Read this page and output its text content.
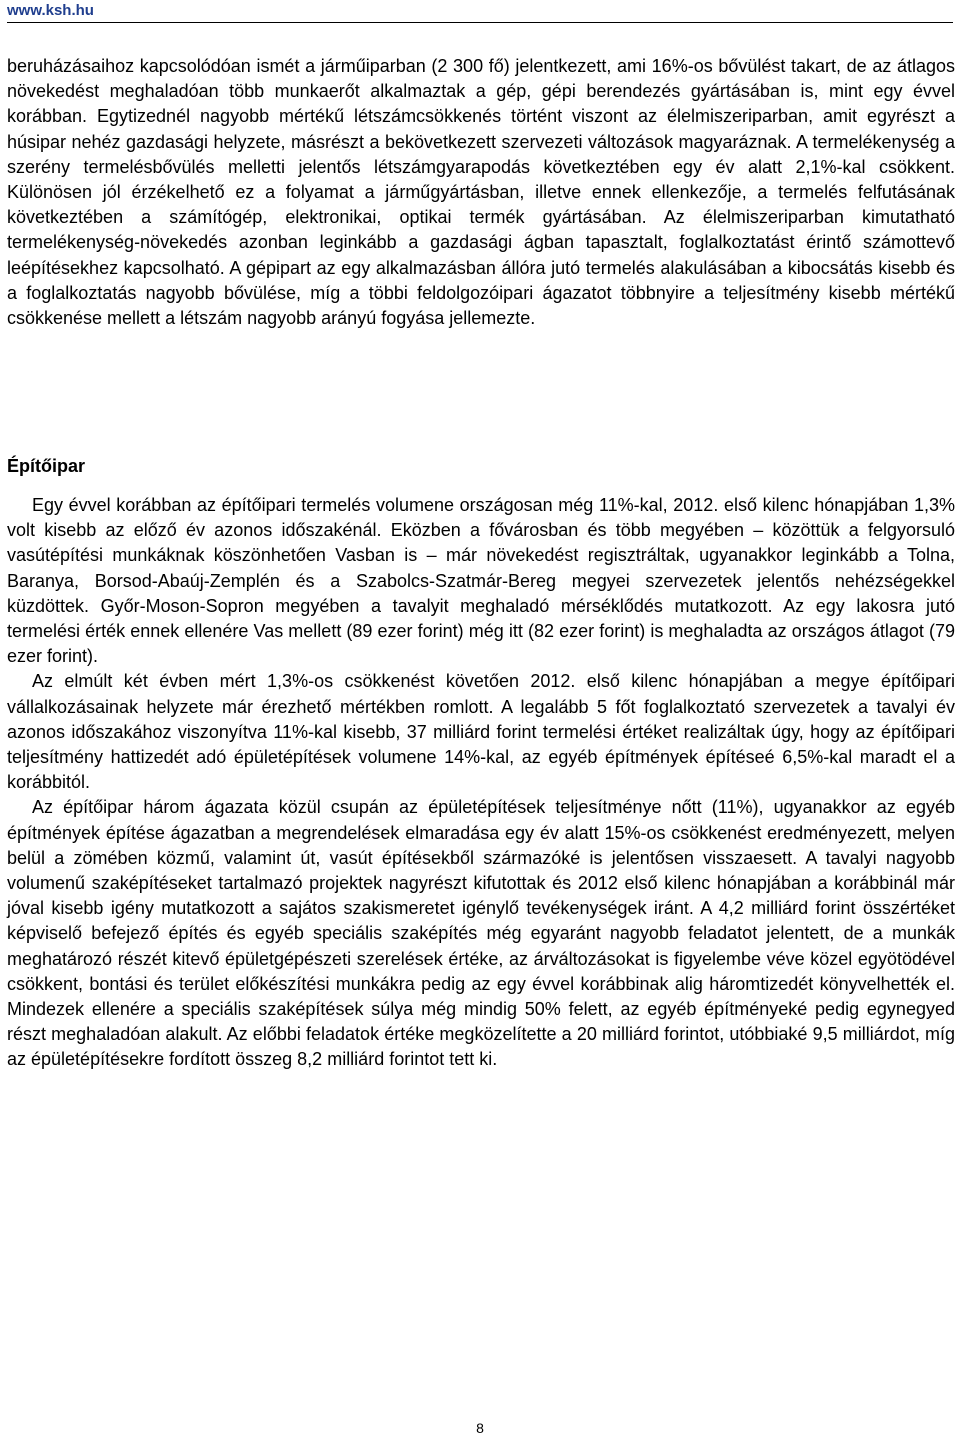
www.ksh.hu

beruházásaihoz kapcsolódóan ismét a járműiparban (2 300 fő) jelentkezett, ami 16%-os bővülést takart, de az átlagos növekedést meghaladóan több munkaerőt alkalmaztak a gép, gépi berendezés gyártásában is, mint egy évvel korábban. Egytizednél nagyobb mértékű létszámcsökkenés történt viszont az élelmiszeriparban, amit egyrészt a húsipar nehéz gazdasági helyzete, másrészt a bekövetkezett szervezeti változások magyaráznak. A termelékenység a szerény termelésbővülés melletti jelentős létszámgyarapodás következtében egy év alatt 2,1%-kal csökkent. Különösen jól érzékelhető ez a folyamat a járműgyártásban, illetve ennek ellenkezője, a termelés felfutásának következtében a számítógép, elektronikai, optikai termék gyártásában. Az élelmiszeriparban kimutatható termelékenység-növekedés azonban leginkább a gazdasági ágban tapasztalt, foglalkoztatást érintő számottevő leépítésekhez kapcsolható. A gépipart az egy alkalmazásban állóra jutó termelés alakulásában a kibocsátás kisebb és a foglalkoztatás nagyobb bővülése, míg a többi feldolgozóipari ágazatot többnyire a teljesítmény kisebb mértékű csökkenése mellett a létszám nagyobb arányú fogyása jellemezte.

Építőipar

Egy évvel korábban az építőipari termelés volumene országosan még 11%-kal, 2012. első kilenc hónapjában 1,3% volt kisebb az előző év azonos időszakénál. Eközben a fővárosban és több megyében – közöttük a felgyorsuló vasútépítési munkáknak köszönhetően Vasban is – már növekedést regisztráltak, ugyanakkor leginkább a Tolna, Baranya, Borsod-Abaúj-Zemplén és a Szabolcs-Szatmár-Bereg megyei szervezetek jelentős nehézségekkel küzdöttek. Győr-Moson-Sopron megyében a tavalyit meghaladó mérséklődés mutatkozott. Az egy lakosra jutó termelési érték ennek ellenére Vas mellett (89 ezer forint) még itt (82 ezer forint) is meghaladta az országos átlagot (79 ezer forint).

Az elmúlt két évben mért 1,3%-os csökkenést követően 2012. első kilenc hónapjában a megye építőipari vállalkozásainak helyzete már érezhető mértékben romlott. A legalább 5 főt foglalkoztató szervezetek a tavalyi év azonos időszakához viszonyítva 11%-kal kisebb, 37 milliárd forint termelési értéket realizáltak úgy, hogy az építőipari teljesítmény hattizedét adó épületépítések volumene 14%-kal, az egyéb építmények építéseé 6,5%-kal maradt el a korábbitól.

Az építőipar három ágazata közül csupán az épületépítések teljesítménye nőtt (11%), ugyanakkor az egyéb építmények építése ágazatban a megrendelések elmaradása egy év alatt 15%-os csökkenést eredményezett, melyen belül a zömében közmű, valamint út, vasút építésekből származóké is jelentősen visszaesett. A tavalyi nagyobb volumenű szaképítéseket tartalmazó projektek nagyrészt kifutottak és 2012 első kilenc hónapjában a korábbinál már jóval kisebb igény mutatkozott a sajátos szakismeretet igénylő tevékenységek iránt. A 4,2 milliárd forint összértéket képviselő befejező építés és egyéb speciális szaképítés még egyaránt nagyobb feladatot jelentett, de a munkák meghatározó részét kitevő épületgépészeti szerelések értéke, az árváltozásokat is figyelembe véve közel egyötödével csökkent, bontási és terület előkészítési munkákra pedig az egy évvel korábbinak alig háromtizedét könyvelhették el. Mindezek ellenére a speciális szaképítések súlya még mindig 50% felett, az egyéb építményeké pedig egynegyed részt meghaladóan alakult. Az előbbi feladatok értéke megközelítette a 20 milliárd forintot, utóbbiaké 9,5 milliárdot, míg az épületépítésekre fordított összeg 8,2 milliárd forintot tett ki.

8
